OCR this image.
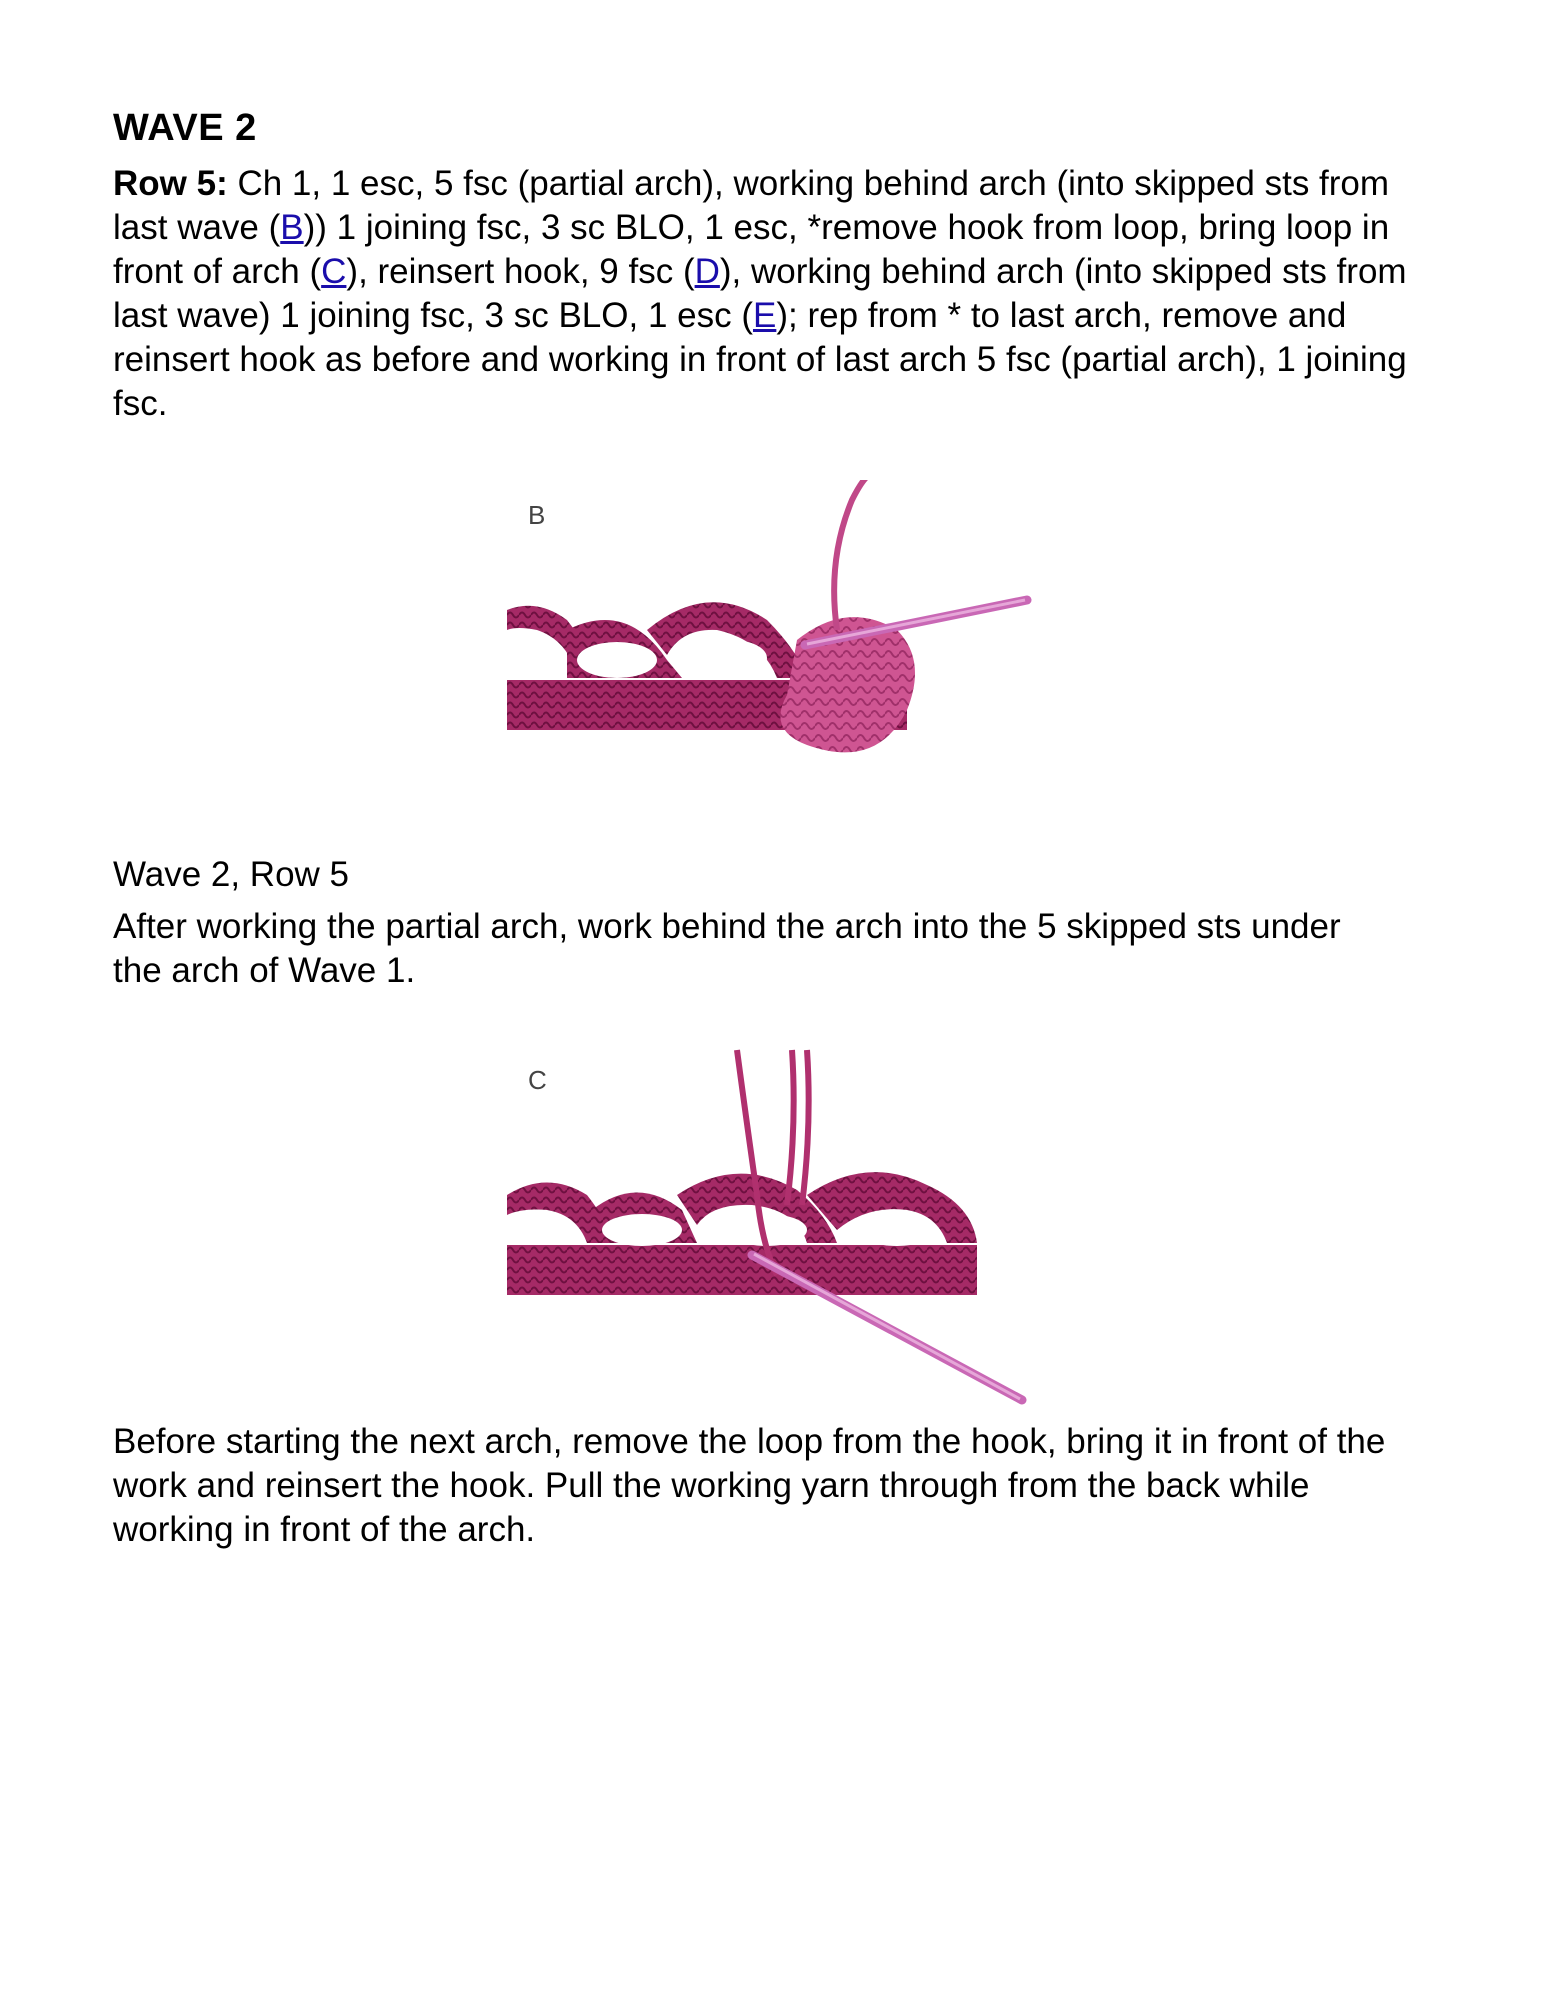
WAVE 2

Row 5: Ch 1, 1 esc, 5 fsc (partial arch), working behind arch (into skipped sts from last wave (B)) 1 joining fsc, 3 sc BLO, 1 esc, *remove hook from loop, bring loop in front of arch (C), reinsert hook, 9 fsc (D), working behind arch (into skipped sts from last wave) 1 joining fsc, 3 sc BLO, 1 esc (E); rep from * to last arch, remove and reinsert hook as before and working in front of last arch 5 fsc (partial arch), 1 joining fsc.

B
Wave 2, Row 5
After working the partial arch, work behind the arch into the 5 skipped sts under the arch of Wave 1.
C
Before starting the next arch, remove the loop from the hook, bring it in front of the work and reinsert the hook. Pull the working yarn through from the back while working in front of the arch.
